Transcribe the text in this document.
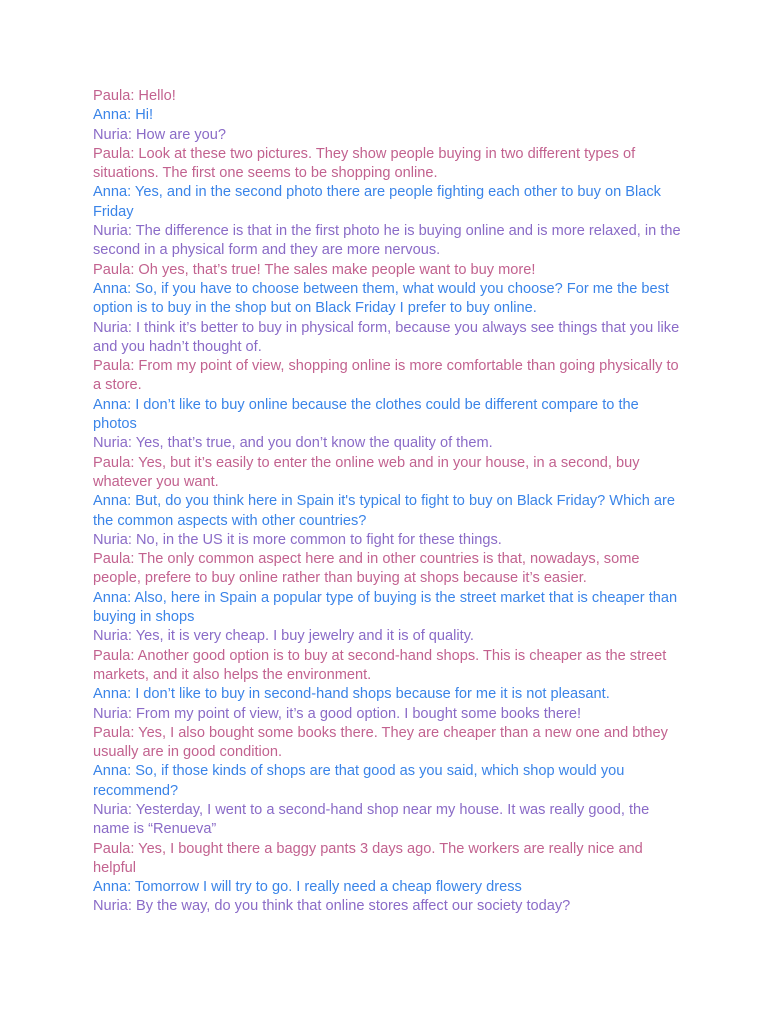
Paula: Hello!

Anna: Hi!

Nuria: How are you?

Paula: Look at these two pictures. They show people buying in two different types of situations. The first one seems to be shopping online.

Anna: Yes, and in the second photo there are people fighting each other to buy on Black Friday

Nuria: The difference is that in the first photo he is buying online and is more relaxed, in the second in a physical form and they are more nervous.

Paula: Oh yes, that’s true! The sales make people want to buy more!

Anna: So, if you have to choose between them, what would you choose? For me the best option is to buy in the shop but on Black Friday I prefer to buy online.

Nuria: I think it’s better to buy in physical form, because you always see things that you like and you hadn’t thought of.

Paula: From my point of view, shopping online is more comfortable than going physically to a store.

Anna: I don’t like to buy online because the clothes could be different compare to the photos

Nuria: Yes, that’s true, and you don’t know the quality of them.

Paula: Yes, but it’s easily to enter the online web and in your house, in a second, buy whatever you want.

Anna: But, do you think here in Spain it's typical to fight to buy on Black Friday? Which are the common aspects with other countries?

Nuria: No, in the US it is more common to fight for these things.

Paula: The only common aspect here and in other countries is that, nowadays, some people, prefere to buy online rather than buying at shops because it’s easier.

Anna: Also, here in Spain a popular type of buying is the street market that is cheaper than buying in shops

Nuria: Yes, it is very cheap. I buy jewelry and it is of quality.

Paula: Another good option is to buy at second-hand shops. This is cheaper as the street markets, and it also helps the environment.

Anna: I don’t like to buy in second-hand shops because for me it is not pleasant.

Nuria: From my point of view, it’s a good option. I bought some books there!

Paula: Yes, I also bought some books there. They are cheaper than a new one and bthey usually are in good condition.

Anna: So, if those kinds of shops are that good as you said, which shop would you recommend?

Nuria: Yesterday, I went to a second-hand shop near my house. It was really good, the name is “Renueva”

Paula: Yes, I bought there a baggy pants 3 days ago. The workers are really nice and helpful

Anna: Tomorrow I will try to go. I really need a cheap flowery dress

Nuria: By the way, do you think that online stores affect our society today?
